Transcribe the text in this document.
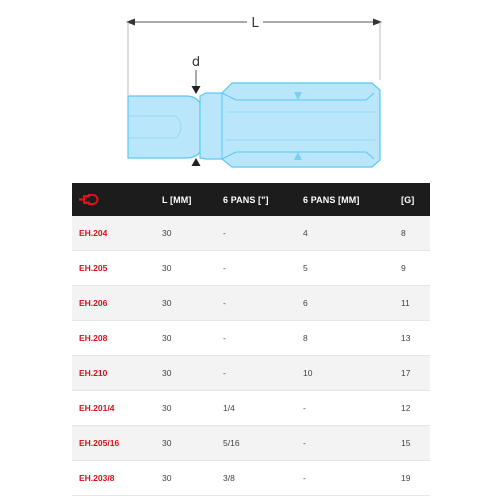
L
d
	L [MM]	6 PANS ["]	6 PANS [MM]	[G]
EH.204	30	-	4	8
EH.205	30	-	5	9
EH.206	30	-	6	11
EH.208	30	-	8	13
EH.210	30	-	10	17
EH.201/4	30	1/4	-	12
EH.205/16	30	5/16	-	15
EH.203/8	30	3/8	-	19
